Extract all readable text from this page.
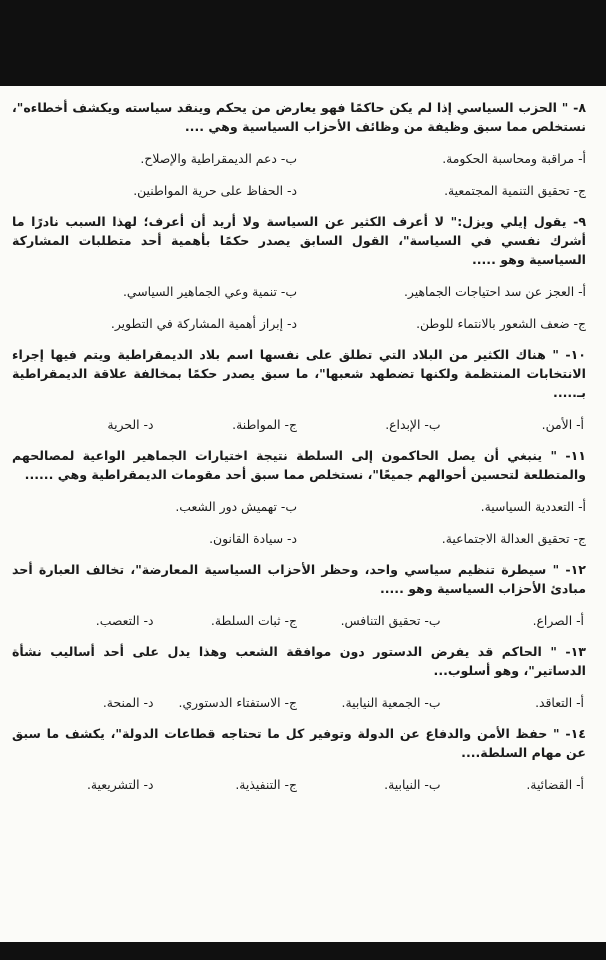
٨- " الحزب السياسي إذا لم يكن حاكمًا فهو يعارض من يحكم وينقد سياسته ويكشف أخطاءه"، نستخلص مما سبق وظيفة من وظائف الأحزاب السياسية وهي ....

أ- مراقبة ومحاسبة الحكومة.
ب- دعم الديمقراطية والإصلاح.
ج- تحقيق التنمية المجتمعية.
د- الحفاظ على حرية المواطنين.

٩- يقول إيلي ويزل:" لا أعرف الكثير عن السياسة ولا أريد أن أعرف؛ لهذا السبب نادرًا ما أشرك نفسي في السياسة"، القول السابق يصدر حكمًا بأهمية أحد متطلبات المشاركة السياسية وهو .....

أ- العجز عن سد احتياجات الجماهير.
ب- تنمية وعي الجماهير السياسي.
ج- ضعف الشعور بالانتماء للوطن.
د- إبراز أهمية المشاركة في التطوير.

١٠- " هناك الكثير من البلاد التي تطلق على نفسها اسم بلاد الديمقراطية ويتم فيها إجراء الانتخابات المنتظمة ولكنها تضطهد شعبها"، ما سبق يصدر حكمًا بمخالفة علاقة الديمقراطية بـ.....

أ- الأمن.
ب- الإبداع.
ج- المواطنة.
د- الحرية

١١- " ينبغي أن يصل الحاكمون إلى السلطة نتيجة اختيارات الجماهير الواعية لمصالحهم والمتطلعة لتحسين أحوالهم جميعًا"، نستخلص مما سبق أحد مقومات الديمقراطية وهي ......

أ- التعددية السياسية.
ب- تهميش دور الشعب.
ج- تحقيق العدالة الاجتماعية.
د- سيادة القانون.

١٢- " سيطرة تنظيم سياسي واحد، وحظر الأحزاب السياسية المعارضة"، تخالف العبارة أحد مبادئ الأحزاب السياسية وهو .....

أ- الصراع.
ب- تحقيق التنافس.
ج- ثبات السلطة.
د- التعصب.

١٣- " الحاكم قد يفرض الدستور دون موافقة الشعب وهذا يدل على أحد أساليب نشأة الدساتير"، وهو أسلوب...

أ- التعاقد.
ب- الجمعية النيابية.
ج- الاستفتاء الدستوري.
د- المنحة.

١٤- " حفظ الأمن والدفاع عن الدولة وتوفير كل ما تحتاجه قطاعات الدولة"، يكشف ما سبق عن مهام السلطة....

أ- القضائية.
ب- النيابية.
ج- التنفيذية.
د- التشريعية.
